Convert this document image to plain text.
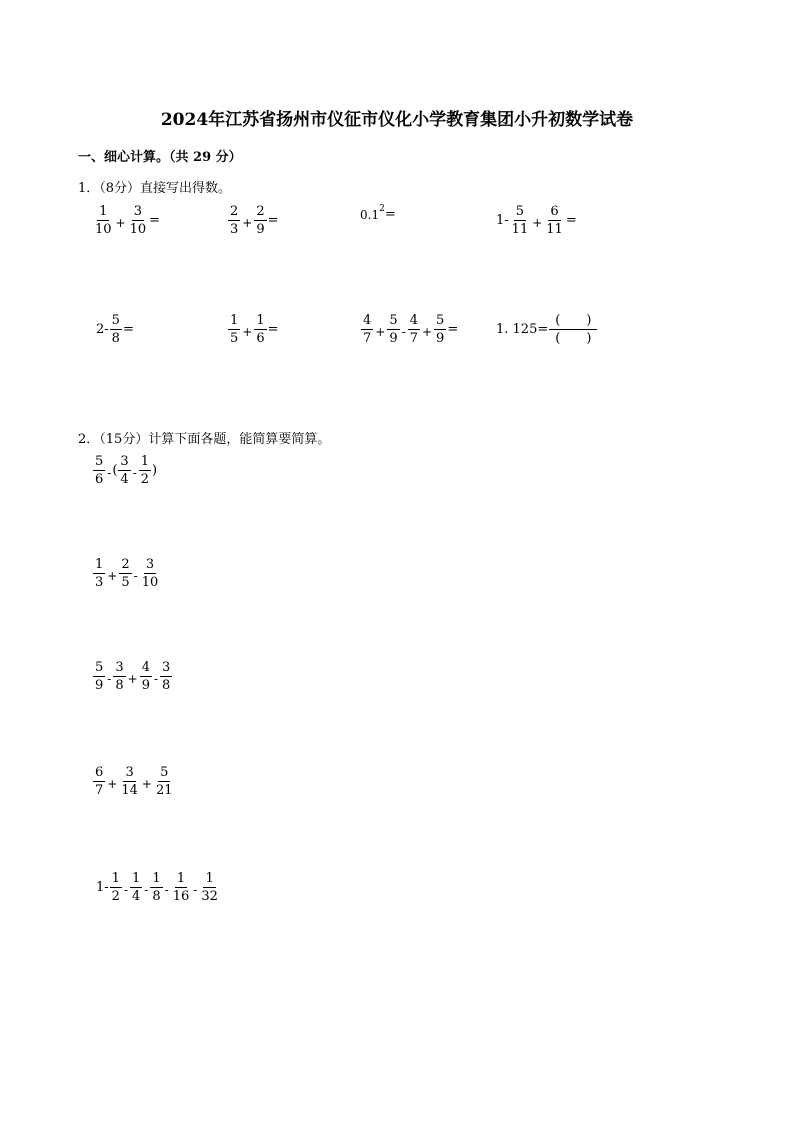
2024年江苏省扬州市仪征市仪化小学教育集团小升初数学试卷
一、细心计算。（共 29 分）
1．（8分）直接写出得数。
$\frac{1}{10} + \frac{3}{10}$ =	$\frac{2}{3} + \frac{2}{9}$ =	0.1 2 =	$1- \frac{5}{11} + \frac{6}{11}$ =
$2- \frac{5}{8}$ =	$\frac{1}{5} + \frac{1}{6}$ =	$\frac{4}{7} + \frac{5}{9} - \frac{4}{7} + \frac{5}{9}$ =	1. $125= \frac{( )}{( )}$
2．（15分）计算下面各题，能简算要简算。
$\frac{5}{6}$ - ( $\frac{3}{4} - \frac{1}{2}$ )
$\frac{1}{3} + \frac{2}{5} - \frac{3}{10}$
$\frac{5}{9} - \frac{3}{8} + \frac{4}{9} - \frac{3}{8}$
$\frac{6}{7} + \frac{3}{14} + \frac{5}{21}$
$1- \frac{1}{2} - \frac{1}{4} - \frac{1}{8} - \frac{1}{16} - \frac{1}{32}$
